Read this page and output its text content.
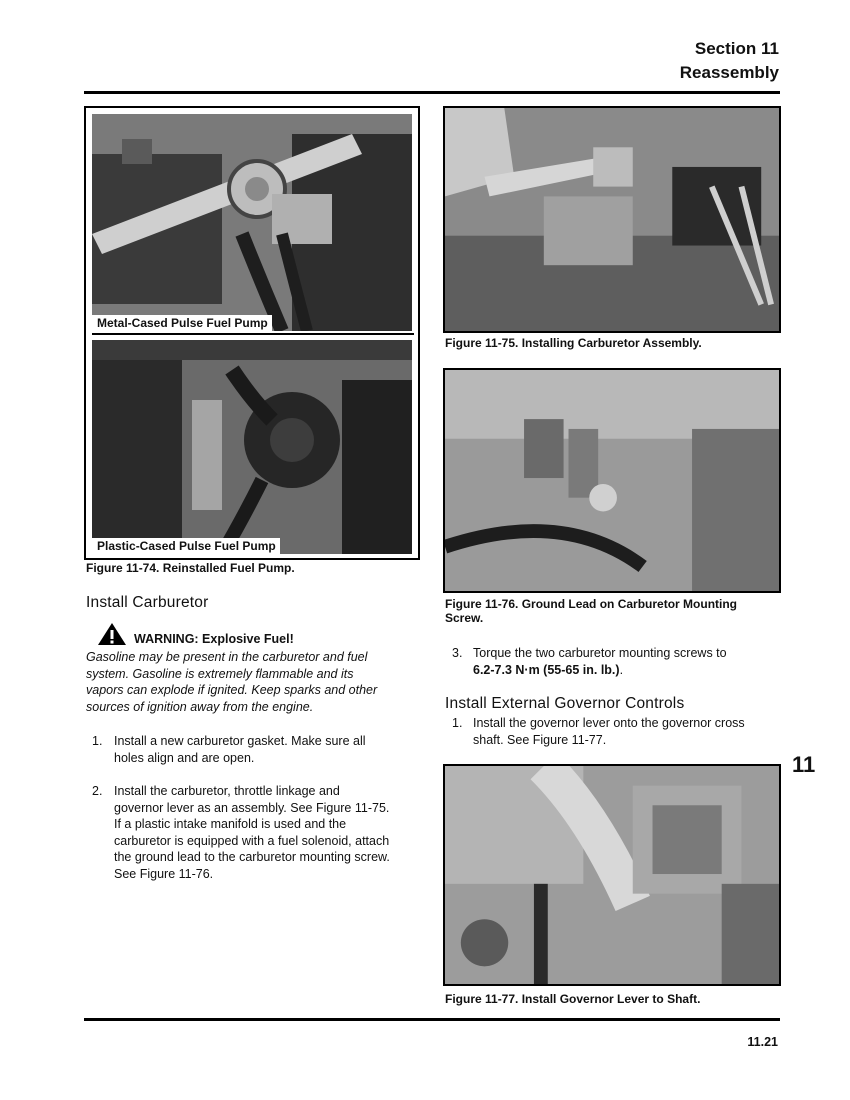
Section 11
Reassembly
Metal-Cased Pulse Fuel Pump
Plastic-Cased Pulse Fuel Pump
Figure 11-74. Reinstalled Fuel Pump.
Install Carburetor
WARNING: Explosive Fuel!
Gasoline may be present in the carburetor and fuel
system. Gasoline is extremely flammable and its
vapors can explode if ignited. Keep sparks and other
sources of ignition away from the engine.
1. Install a new carburetor gasket. Make sure all
holes align and are open.
2. Install the carburetor, throttle linkage and
governor lever as an assembly. See Figure 11-75.
If a plastic intake manifold is used and the
carburetor is equipped with a fuel solenoid, attach
the ground lead to the carburetor mounting screw.
See Figure 11-76.
Figure 11-75. Installing Carburetor Assembly.
Figure 11-76. Ground Lead on Carburetor Mounting
Screw.
3. Torque the two carburetor mounting screws to
6.2-7.3 N·m (55-65 in. lb.).
Install External Governor Controls
1. Install the governor lever onto the governor cross
shaft. See Figure 11-77.
11
Figure 11-77. Install Governor Lever to Shaft.
11.21
